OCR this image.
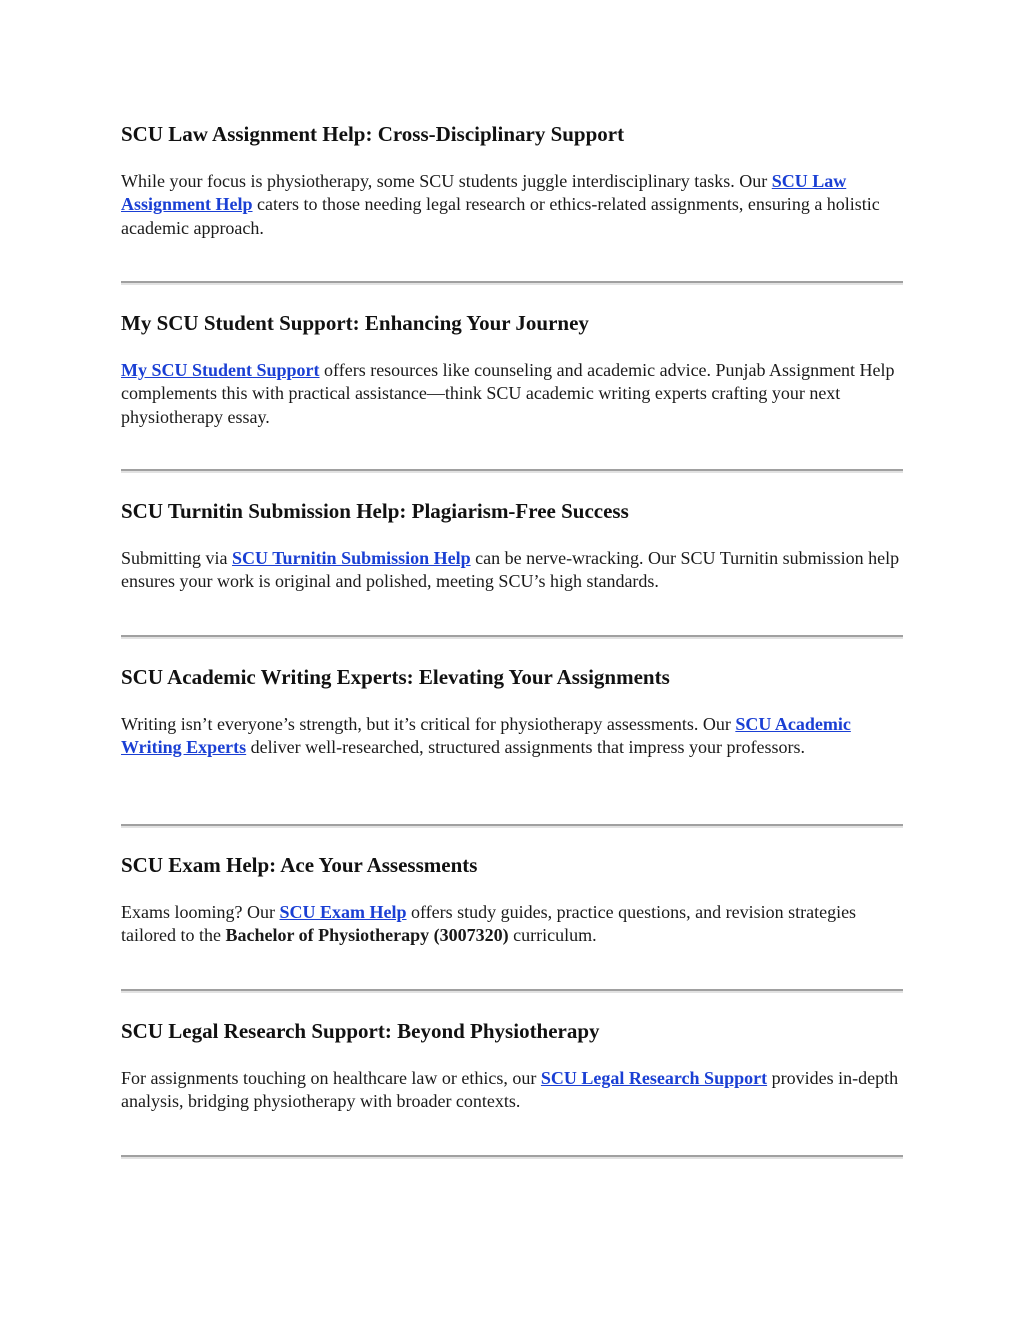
SCU Law Assignment Help: Cross-Disciplinary Support

While your focus is physiotherapy, some SCU students juggle interdisciplinary tasks. Our SCU Law Assignment Help caters to those needing legal research or ethics-related assignments, ensuring a holistic academic approach.

My SCU Student Support: Enhancing Your Journey

My SCU Student Support offers resources like counseling and academic advice. Punjab Assignment Help complements this with practical assistance—think SCU academic writing experts crafting your next physiotherapy essay.

SCU Turnitin Submission Help: Plagiarism-Free Success

Submitting via SCU Turnitin Submission Help can be nerve-wracking. Our SCU Turnitin submission help ensures your work is original and polished, meeting SCU’s high standards.

SCU Academic Writing Experts: Elevating Your Assignments

Writing isn’t everyone’s strength, but it’s critical for physiotherapy assessments. Our SCU Academic Writing Experts deliver well-researched, structured assignments that impress your professors.

SCU Exam Help: Ace Your Assessments

Exams looming? Our SCU Exam Help offers study guides, practice questions, and revision strategies tailored to the Bachelor of Physiotherapy (3007320) curriculum.

SCU Legal Research Support: Beyond Physiotherapy

For assignments touching on healthcare law or ethics, our SCU Legal Research Support provides in-depth analysis, bridging physiotherapy with broader contexts.
